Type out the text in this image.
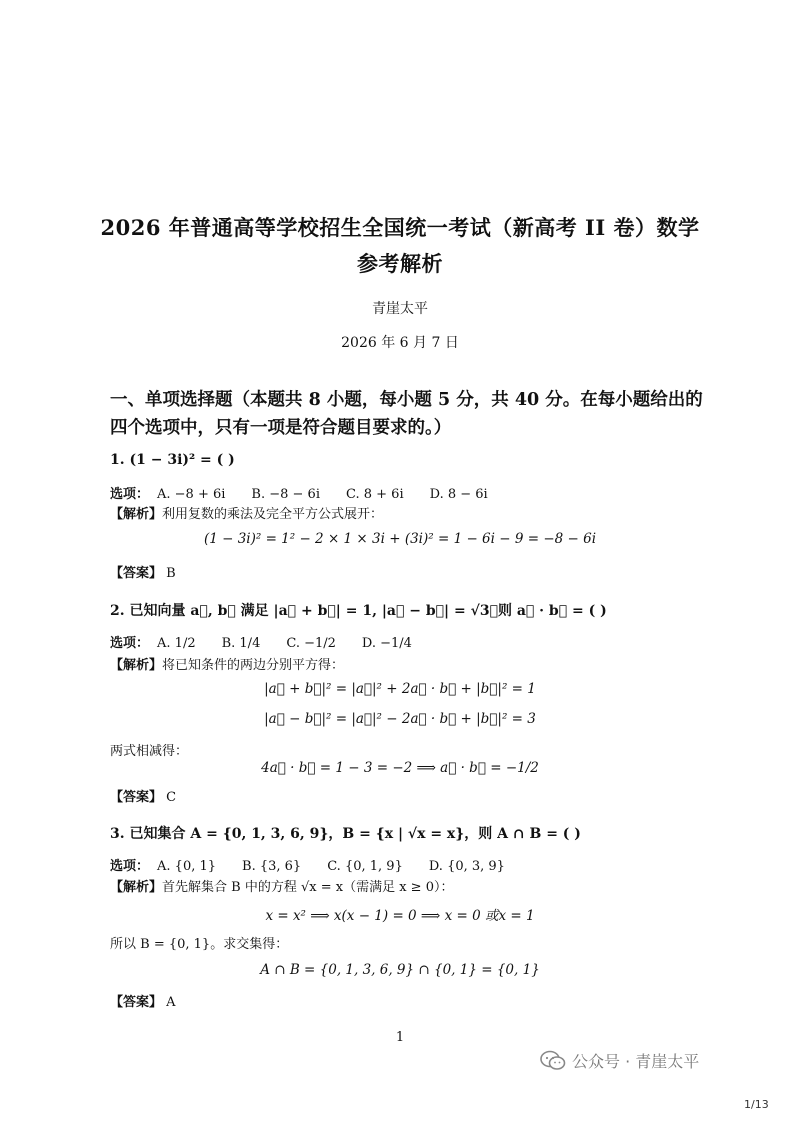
2026 年普通高等学校招生全国统一考试（新高考 II 卷）数学
参考解析
青崖太平
2026 年 6 月 7 日
一、单项选择题（本题共 8 小题，每小题 5 分，共 40 分。在每小题给出的
四个选项中，只有一项是符合题目要求的。）
1. (1 − 3i)² = ( )
选项： A. −8 + 6i B. −8 − 6i C. 8 + 6i D. 8 − 6i
【解析】利用复数的乘法及完全平方公式展开：
(1 − 3i)² = 1² − 2 × 1 × 3i + (3i)² = 1 − 6i − 9 = −8 − 6i
【答案】 B
2. 已知向量 a⃗, b⃗ 满足 |a⃗ + b⃗| = 1, |a⃗ − b⃗| = √3，则 a⃗ · b⃗ = ( )
选项： A. 1/2 B. 1/4 C. −1/2 D. −1/4
【解析】将已知条件的两边分别平方得：
|a⃗ + b⃗|² = |a⃗|² + 2a⃗ · b⃗ + |b⃗|² = 1
|a⃗ − b⃗|² = |a⃗|² − 2a⃗ · b⃗ + |b⃗|² = 3
两式相减得：
4a⃗ · b⃗ = 1 − 3 = −2 ⟹ a⃗ · b⃗ = −1/2
【答案】 C
3. 已知集合 A = {0, 1, 3, 6, 9}，B = {x | √x = x}，则 A ∩ B = ( )
选项： A. {0, 1} B. {3, 6} C. {0, 1, 9} D. {0, 3, 9}
【解析】首先解集合 B 中的方程 √x = x（需满足 x ≥ 0）：
x = x² ⟹ x(x − 1) = 0 ⟹ x = 0 或x = 1
所以 B = {0, 1}。求交集得：
A ∩ B = {0, 1, 3, 6, 9} ∩ {0, 1} = {0, 1}
【答案】 A
1
公众号 · 青崖太平
1/13
